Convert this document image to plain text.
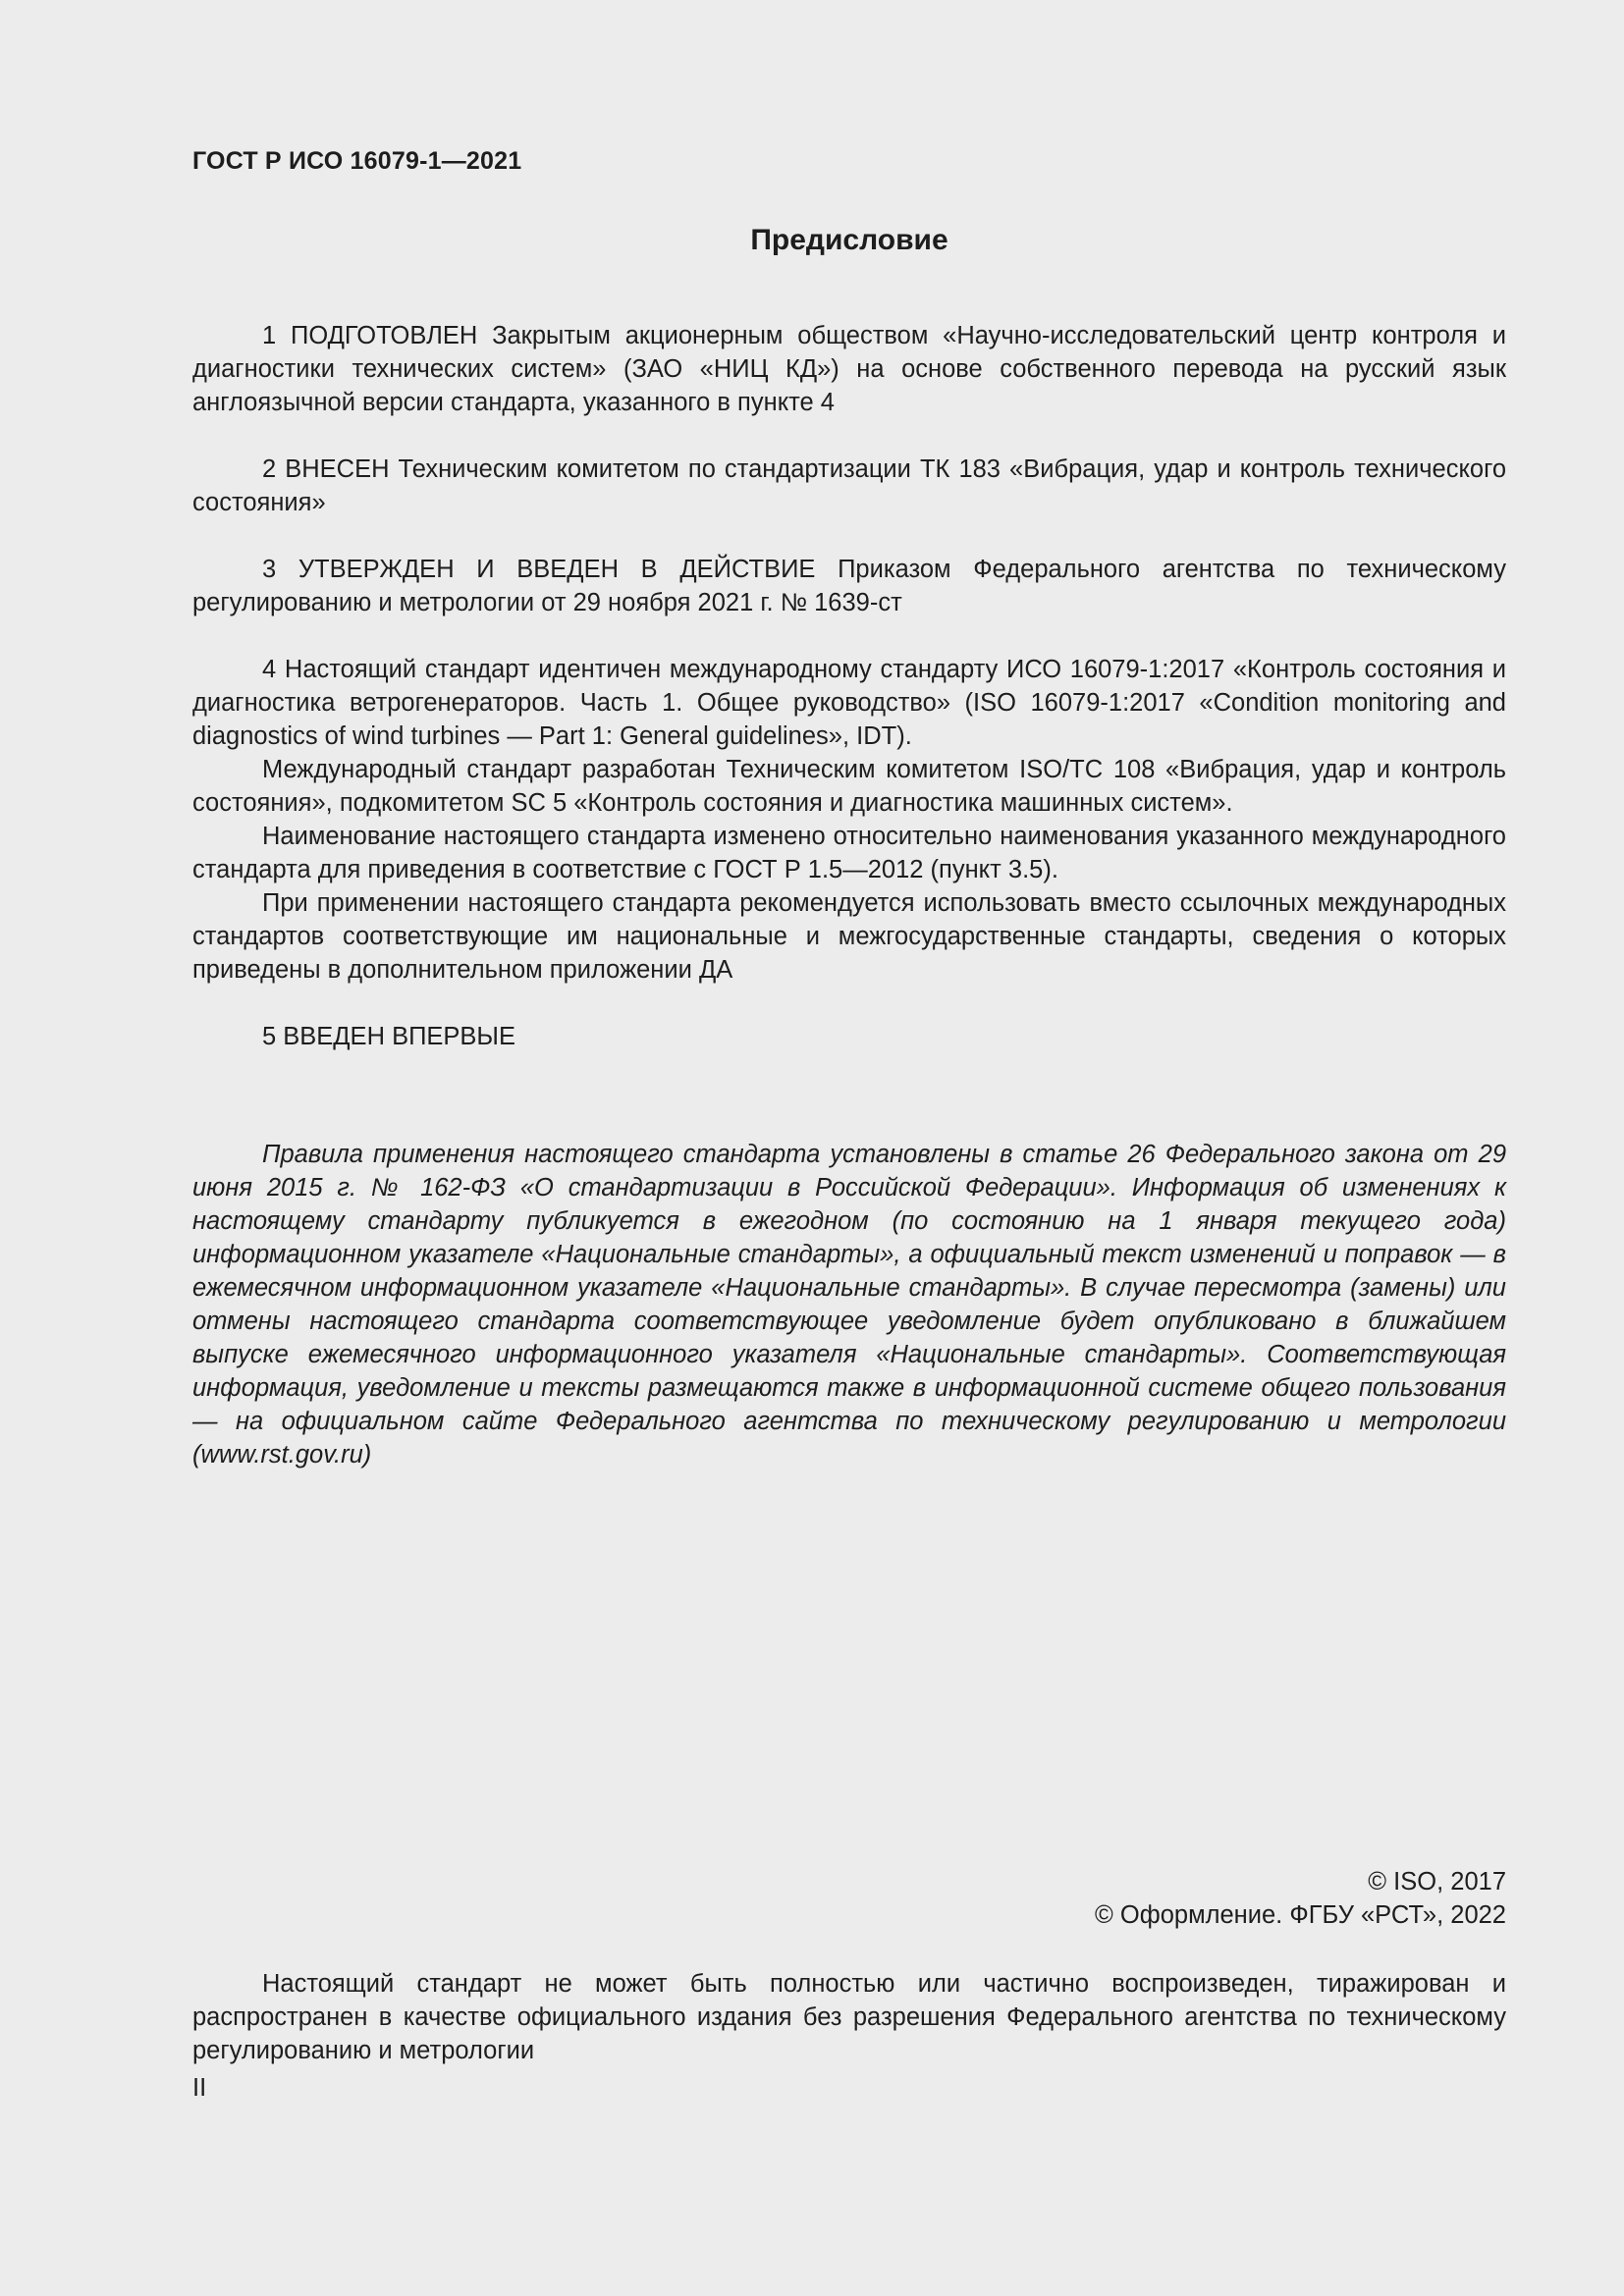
ГОСТ Р ИСО 16079-1—2021
Предисловие

1 ПОДГОТОВЛЕН Закрытым акционерным обществом «Научно-исследовательский центр контроля и диагностики технических систем» (ЗАО «НИЦ КД») на основе собственного перевода на русский язык англоязычной версии стандарта, указанного в пункте 4

2 ВНЕСЕН Техническим комитетом по стандартизации ТК 183 «Вибрация, удар и контроль технического состояния»

3 УТВЕРЖДЕН И ВВЕДЕН В ДЕЙСТВИЕ Приказом Федерального агентства по техническому регулированию и метрологии от 29 ноября 2021 г. № 1639-ст

4 Настоящий стандарт идентичен международному стандарту ИСО 16079-1:2017 «Контроль состояния и диагностика ветрогенераторов. Часть 1. Общее руководство» (ISO 16079-1:2017 «Condition monitoring and diagnostics of wind turbines — Part 1: General guidelines», IDT).

Международный стандарт разработан Техническим комитетом ISO/TC 108 «Вибрация, удар и контроль состояния», подкомитетом SC 5 «Контроль состояния и диагностика машинных систем».

Наименование настоящего стандарта изменено относительно наименования указанного международного стандарта для приведения в соответствие с ГОСТ Р 1.5—2012 (пункт 3.5).

При применении настоящего стандарта рекомендуется использовать вместо ссылочных международных стандартов соответствующие им национальные и межгосударственные стандарты, сведения о которых приведены в дополнительном приложении ДА

5 ВВЕДЕН ВПЕРВЫЕ

Правила применения настоящего стандарта установлены в статье 26 Федерального закона от 29 июня 2015 г. № 162-ФЗ «О стандартизации в Российской Федерации». Информация об изменениях к настоящему стандарту публикуется в ежегодном (по состоянию на 1 января текущего года) информационном указателе «Национальные стандарты», а официальный текст изменений и поправок — в ежемесячном информационном указателе «Национальные стандарты». В случае пересмотра (замены) или отмены настоящего стандарта соответствующее уведомление будет опубликовано в ближайшем выпуске ежемесячного информационного указателя «Национальные стандарты». Соответствующая информация, уведомление и тексты размещаются также в информационной системе общего пользования — на официальном сайте Федерального агентства по техническому регулированию и метрологии (www.rst.gov.ru)

© ISO, 2017
© Оформление. ФГБУ «РСТ», 2022

Настоящий стандарт не может быть полностью или частично воспроизведен, тиражирован и распространен в качестве официального издания без разрешения Федерального агентства по техническому регулированию и метрологии

II
